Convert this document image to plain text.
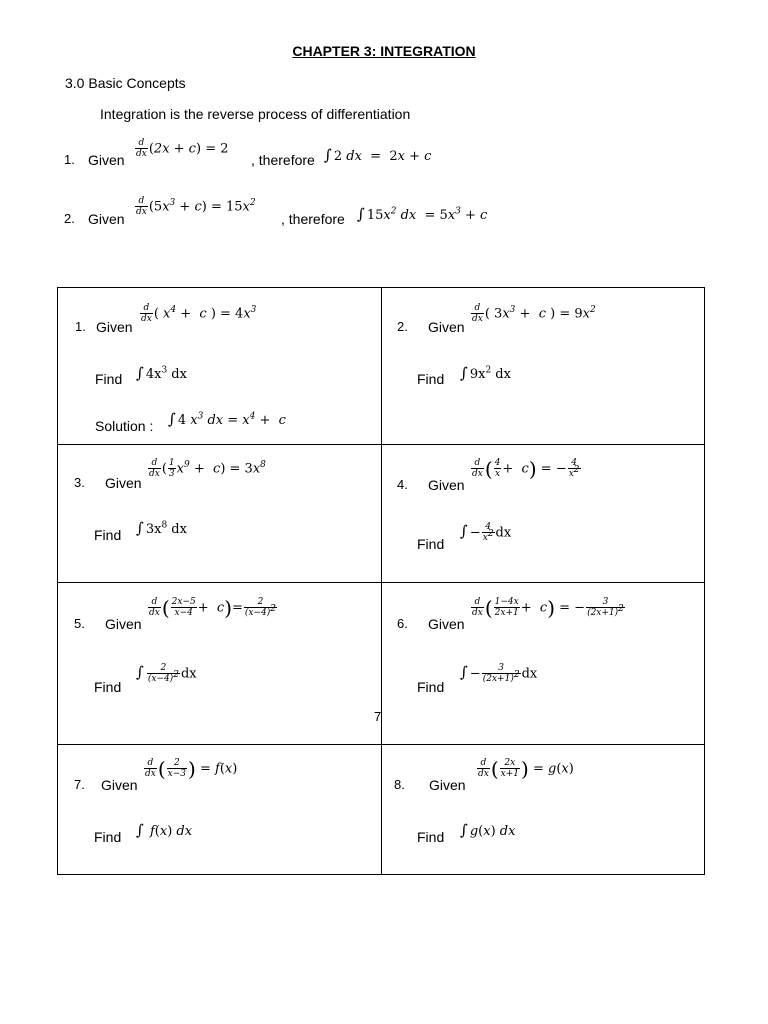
CHAPTER 3: INTEGRATION
3.0 Basic Concepts
Integration is the reverse process of differentiation
1. Given
$\frac{d}{dx} (2x + c) = 2$
, therefore ∫ 2 dx  =  2x + c
2. Given
$\frac{d}{dx} (5x^3 + c) = 15x^2$
, therefore ∫ $15x^2$ dx  = $5x^3 + c$
1. Given
$\frac{d}{dx}$ ( $x^4 + c$ ) = $4x^3$
Find ∫ $4x^3$ dx
Solution : ∫ 4 $x^3$ dx = $x^4 + c$
2. Given
$\frac{d}{dx}$ ( $3x^3 + c$ ) = $9x^2$
Find ∫ $9x^2$ dx
3. Given
$\frac{d}{dx}$ ( $\frac{1}{3} x^9 + c) = 3x^8$
Find ∫ $3x^8$ dx
4. Given
$\frac{d}{dx}$ ( $\frac{4}{x} + c$) = − $\frac{4}{x2}$
Find
∫ − $\frac{4}{x2}$ dx
5. Given
$\frac{d}{dx}$ ( $\frac{2x-5}{x-4} + c)= \frac{2}{(x-4)2}$
Find
∫ $\frac{2}{(x-4)2}$ dx
6. Given
$\frac{d}{dx}$ ( $\frac{1-4x}{2x+1} + c$) = − $\frac{3}{(2x+1)2}$
Find
∫ − $\frac{3}{(2x+1)2}$ dx
7
7. Given
$\frac{d}{dx}$ ( $\frac{2}{x-3}$ ) = f(x)
Find ∫ f(x) dx
8. Given
$\frac{d}{dx}$ ( $\frac{2x}{x+1}$ ) = g(x)
Find ∫ g(x) dx
